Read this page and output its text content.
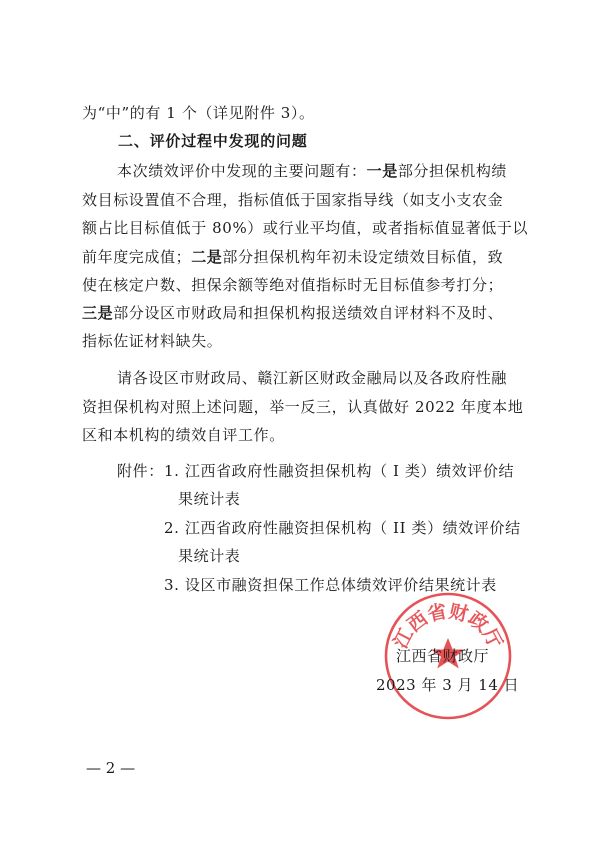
为“中”的有 1 个（详见附件 3）。
二、评价过程中发现的问题
本次绩效评价中发现的主要问题有：一是部分担保机构绩
效目标设置值不合理，指标值低于国家指导线（如支小支农金
额占比目标值低于 80%）或行业平均值，或者指标值显著低于以
前年度完成值；二是部分担保机构年初未设定绩效目标值，致
使在核定户数、担保余额等绝对值指标时无目标值参考打分；
三是部分设区市财政局和担保机构报送绩效自评材料不及时、
指标佐证材料缺失。
请各设区市财政局、赣江新区财政金融局以及各政府性融
资担保机构对照上述问题，举一反三，认真做好 2022 年度本地
区和本机构的绩效自评工作。
附件： 1. 江西省政府性融资担保机构（ I 类）绩效评价结
果统计表
2. 江西省政府性融资担保机构（ II 类）绩效评价结
果统计表
3. 设区市融资担保工作总体绩效评价结果统计表
江西省财政厅
江西省财政厅
2023 年 3 月 14 日
— 2 —
